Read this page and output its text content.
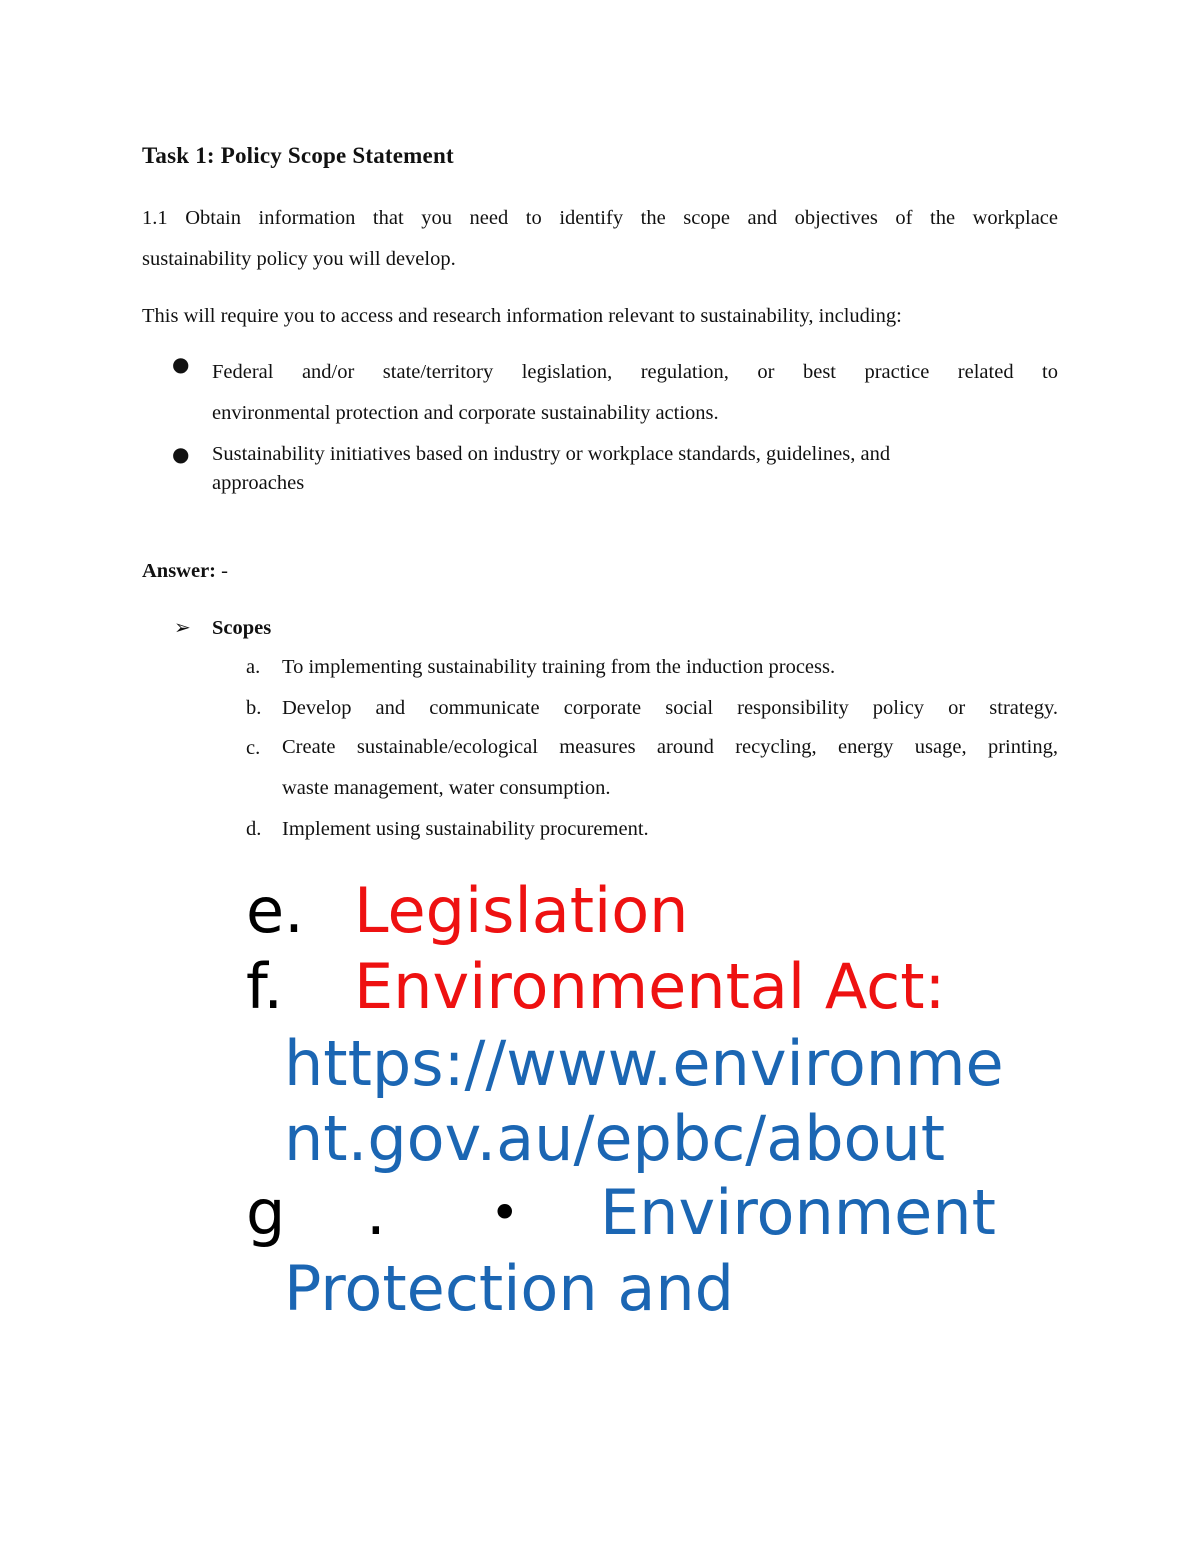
Task 1: Policy Scope Statement
1.1 Obtain information that you need to identify the scope and objectives of the workplace
sustainability policy you will develop.
This will require you to access and research information relevant to sustainability, including:
● Federal and/or state/territory legislation, regulation, or best practice related to
environmental protection and corporate sustainability actions.
● Sustainability initiatives based on industry or workplace standards, guidelines, and
approaches
Answer: -
➢ Scopes
a. To implementing sustainability training from the induction process.
b. Develop and communicate corporate social responsibility policy or strategy.
c. Create sustainable/ecological measures around recycling, energy usage, printing,
waste management, water consumption.
d. Implement using sustainability procurement.
e. Legislation
f. Environmental Act:
https://www.environme
nt.gov.au/epbc/about
g . • Environment
Protection and
